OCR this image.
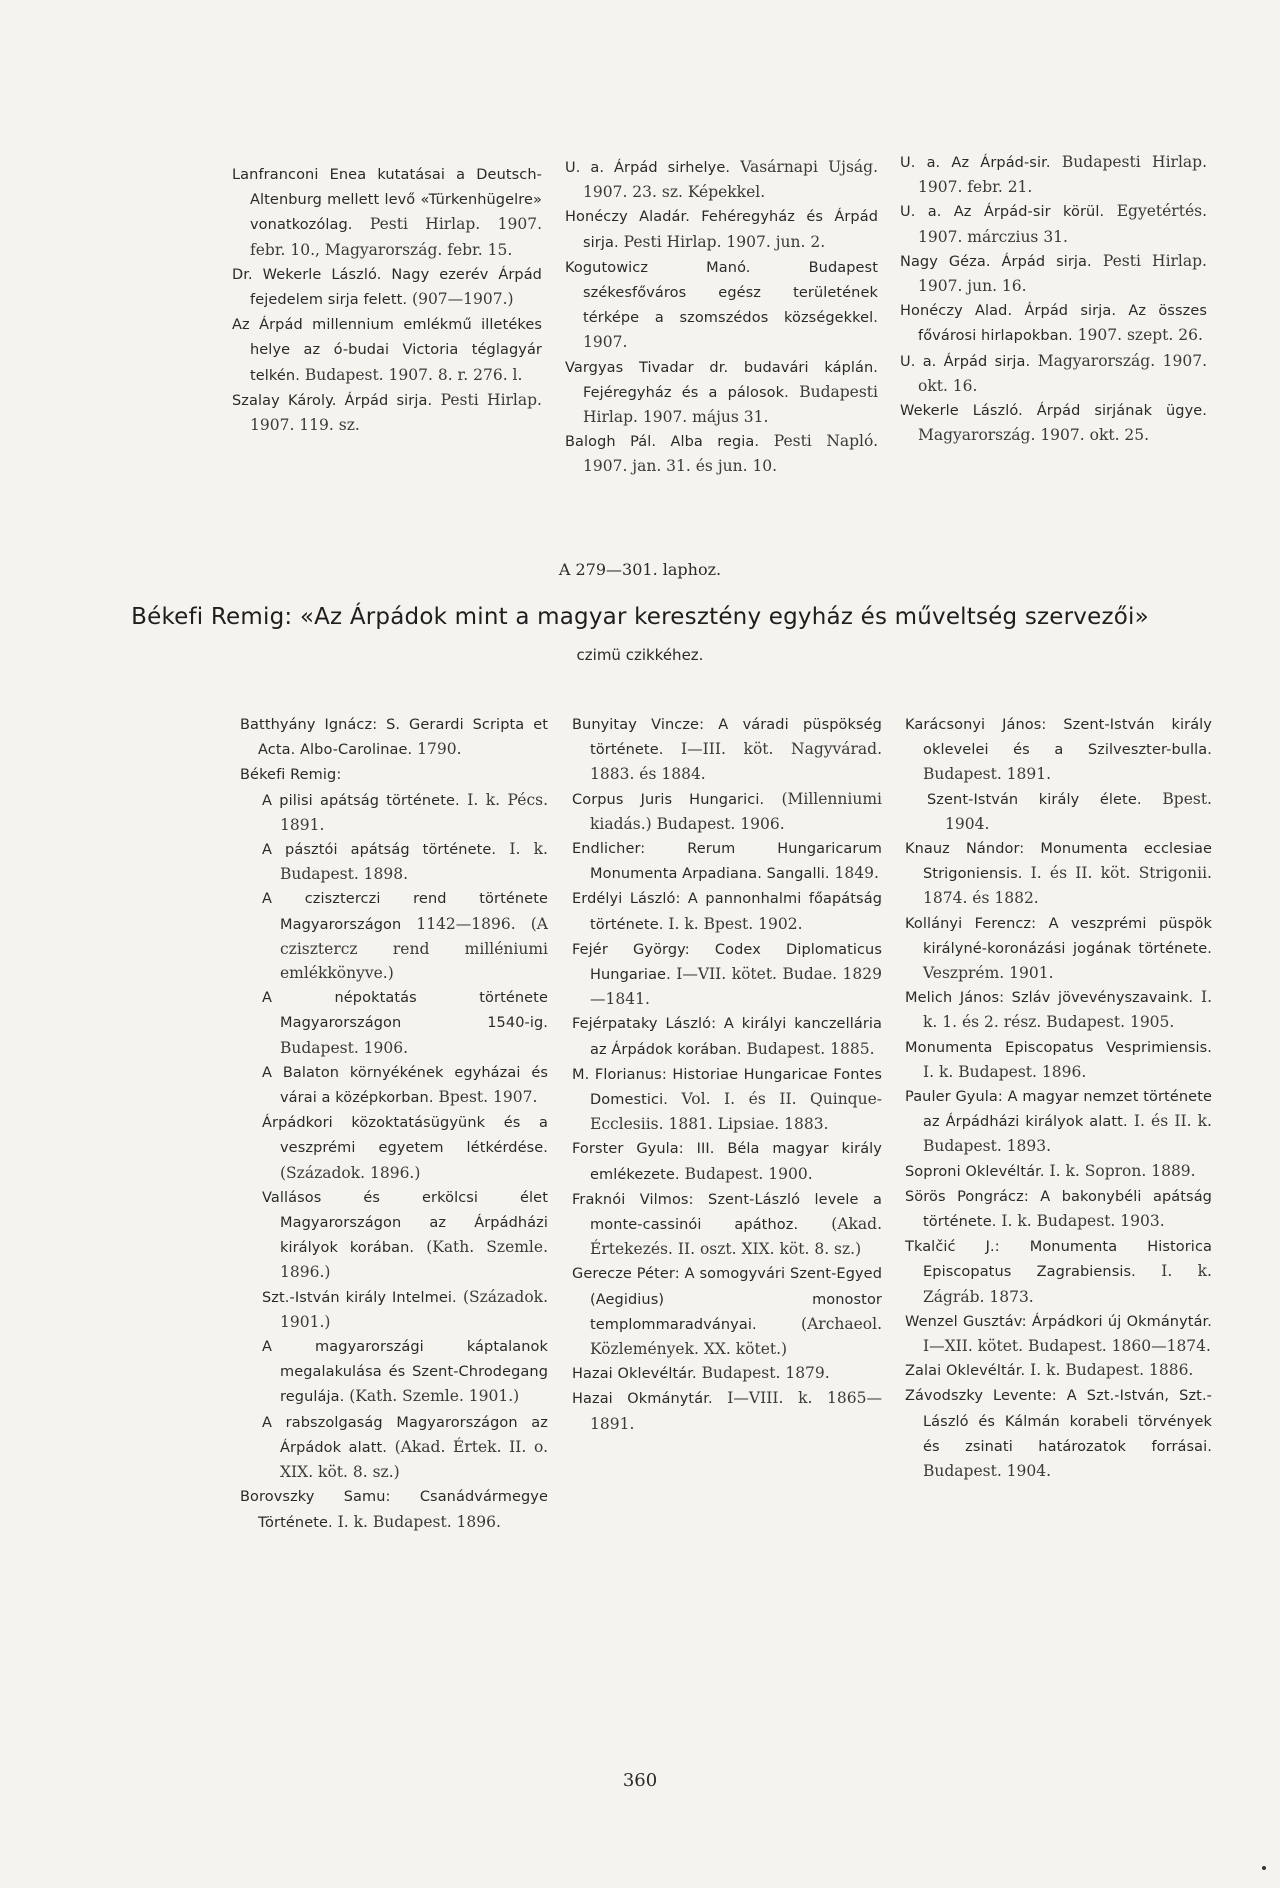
Lanfranconi Enea kutatásai a Deutsch-Altenburg mellett levő «Türkenhügelre» vonatkozólag. Pesti Hirlap. 1907. febr. 10., Magyarország. febr. 15.

Dr. Wekerle László. Nagy ezerév Árpád fejedelem sirja felett. (907—1907.)

Az Árpád millennium emlékmű illetékes helye az ó-budai Victoria téglagyár telkén. Budapest. 1907. 8. r. 276. l.

Szalay Károly. Árpád sirja. Pesti Hirlap. 1907. 119. sz.

U. a. Árpád sirhelye. Vasárnapi Ujság. 1907. 23. sz. Képekkel.

Honéczy Aladár. Fehéregyház és Árpád sirja. Pesti Hirlap. 1907. jun. 2.

Kogutowicz Manó. Budapest székesfőváros egész területének térképe a szomszédos községekkel. 1907.

Vargyas Tivadar dr. budavári káplán. Fejéregyház és a pálosok. Budapesti Hirlap. 1907. május 31.

Balogh Pál. Alba regia. Pesti Napló. 1907. jan. 31. és jun. 10.

U. a. Az Árpád-sir. Budapesti Hirlap. 1907. febr. 21.

U. a. Az Árpád-sir körül. Egyetértés. 1907. márczius 31.

Nagy Géza. Árpád sirja. Pesti Hirlap. 1907. jun. 16.

Honéczy Alad. Árpád sirja. Az összes fővárosi hirlapokban. 1907. szept. 26.

U. a. Árpád sirja. Magyarország. 1907. okt. 16.

Wekerle László. Árpád sirjának ügye. Magyarország. 1907. okt. 25.

A 279—301. laphoz.
Békefi Remig: «Az Árpádok mint a magyar keresztény egyház és műveltség szervezői»
czimü czikkéhez.

Batthyány Ignácz: S. Gerardi Scripta et Acta. Albo-Carolinae. 1790.

Békefi Remig:

A pilisi apátság története. I. k. Pécs. 1891.

A pásztói apátság története. I. k. Budapest. 1898.

A cziszterczi rend története Magyarországon 1142—1896. (A czisztercz rend milléniumi emlékkönyve.)

A népoktatás története Magyarországon 1540-ig. Budapest. 1906.

A Balaton környékének egyházai és várai a középkorban. Bpest. 1907.

Árpádkori közoktatásügyünk és a veszprémi egyetem létkérdése. (Századok. 1896.)

Vallásos és erkölcsi élet Magyarországon az Árpádházi királyok korában. (Kath. Szemle. 1896.)

Szt.-István király Intelmei. (Századok. 1901.)

A magyarországi káptalanok megalakulása és Szent-Chrodegang regulája. (Kath. Szemle. 1901.)

A rabszolgaság Magyarországon az Árpádok alatt. (Akad. Értek. II. o. XIX. köt. 8. sz.)

Borovszky Samu: Csanádvármegye Története. I. k. Budapest. 1896.

Bunyitay Vincze: A váradi püspökség története. I—III. köt. Nagyvárad. 1883. és 1884.

Corpus Juris Hungarici. (Millenniumi kiadás.) Budapest. 1906.

Endlicher: Rerum Hungaricarum Monumenta Arpadiana. Sangalli. 1849.

Erdélyi László: A pannonhalmi főapátság története. I. k. Bpest. 1902.

Fejér György: Codex Diplomaticus Hungariae. I—VII. kötet. Budae. 1829—1841.

Fejérpataky László: A királyi kanczellária az Árpádok korában. Budapest. 1885.

M. Florianus: Historiae Hungaricae Fontes Domestici. Vol. I. és II. Quinque-Ecclesiis. 1881. Lipsiae. 1883.

Forster Gyula: III. Béla magyar király emlékezete. Budapest. 1900.

Fraknói Vilmos: Szent-László levele a monte-cassinói apáthoz. (Akad. Értekezés. II. oszt. XIX. köt. 8. sz.)

Gerecze Péter: A somogyvári Szent-Egyed (Aegidius) monostor templommaradványai. (Archaeol. Közlemények. XX. kötet.)

Hazai Oklevéltár. Budapest. 1879.

Hazai Okmánytár. I—VIII. k. 1865—1891.

Karácsonyi János: Szent-István király oklevelei és a Szilveszter-bulla. Budapest. 1891.

Szent-István király élete. Bpest. 1904.

Knauz Nándor: Monumenta ecclesiae Strigoniensis. I. és II. köt. Strigonii. 1874. és 1882.

Kollányi Ferencz: A veszprémi püspök királyné-koronázási jogának története. Veszprém. 1901.

Melich János: Szláv jövevényszavaink. I. k. 1. és 2. rész. Budapest. 1905.

Monumenta Episcopatus Vesprimiensis. I. k. Budapest. 1896.

Pauler Gyula: A magyar nemzet története az Árpádházi királyok alatt. I. és II. k. Budapest. 1893.

Soproni Oklevéltár. I. k. Sopron. 1889.

Sörös Pongrácz: A bakonybéli apátság története. I. k. Budapest. 1903.

Tkalčić J.: Monumenta Historica Episcopatus Zagrabiensis. I. k. Zágráb. 1873.

Wenzel Gusztáv: Árpádkori új Okmánytár. I—XII. kötet. Budapest. 1860—1874.

Zalai Oklevéltár. I. k. Budapest. 1886.

Závodszky Levente: A Szt.-István, Szt.-László és Kálmán korabeli törvények és zsinati határozatok forrásai. Budapest. 1904.

360
